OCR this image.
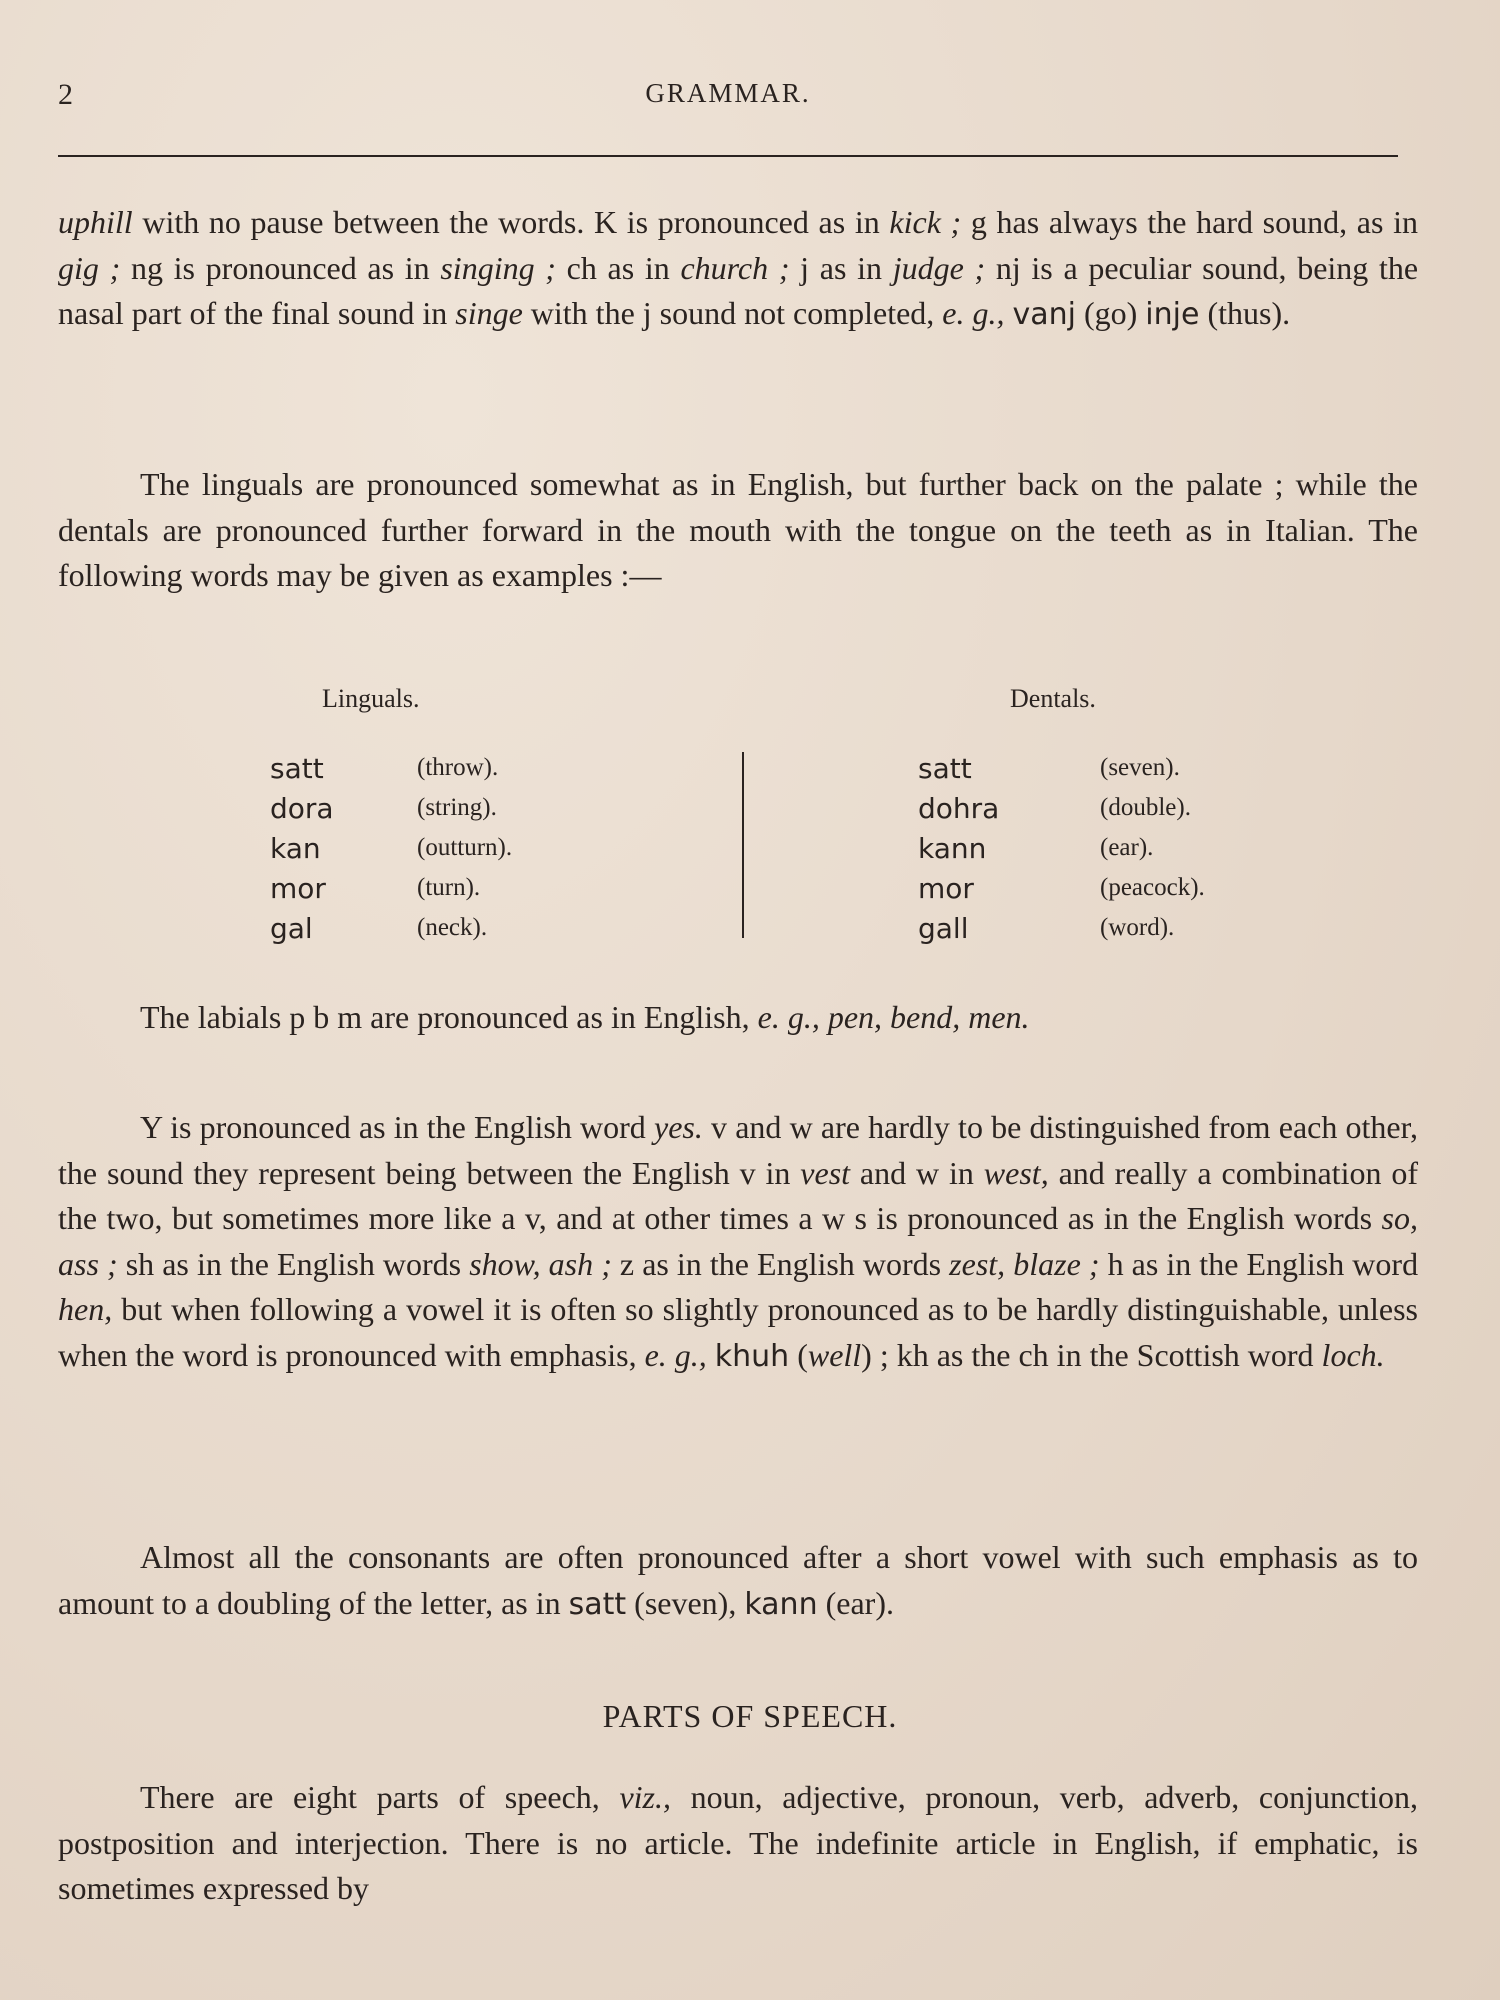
2	GRAMMAR.

uphill with no pause between the words. K is pronounced as in kick ; g has always the hard sound, as in gig ; ng is pronounced as in singing ; ch as in church ; j as in judge ; nj is a peculiar sound, being the nasal part of the final sound in singe with the j sound not completed, e. g., vanj (go) inje (thus).

The linguals are pronounced somewhat as in English, but further back on the palate ; while the dentals are pronounced further forward in the mouth with the tongue on the teeth as in Italian. The following words may be given as examples :—

Linguals.	Dentals.
satt	(throw).
dora	(string).
kan	(outturn).
mor	(turn).
gal	(neck).
satt	(seven).
dohra	(double).
kann	(ear).
mor	(peacock).
gall	(word).

The labials p b m are pronounced as in English, e. g., pen, bend, men.

Y is pronounced as in the English word yes. v and w are hardly to be distinguished from each other, the sound they represent being between the English v in vest and w in west, and really a combination of the two, but sometimes more like a v, and at other times a w s is pronounced as in the English words so, ass ; sh as in the English words show, ash ; z as in the English words zest, blaze ; h as in the English word hen, but when following a vowel it is often so slightly pronounced as to be hardly distinguishable, unless when the word is pronounced with emphasis, e. g., khuh (well) ; kh as the ch in the Scottish word loch.

Almost all the consonants are often pronounced after a short vowel with such emphasis as to amount to a doubling of the letter, as in satt (seven), kann (ear).

PARTS OF SPEECH.

There are eight parts of speech, viz., noun, adjective, pronoun, verb, adverb, conjunction, postposition and interjection. There is no article. The indefinite article in English, if emphatic, is sometimes expressed by
